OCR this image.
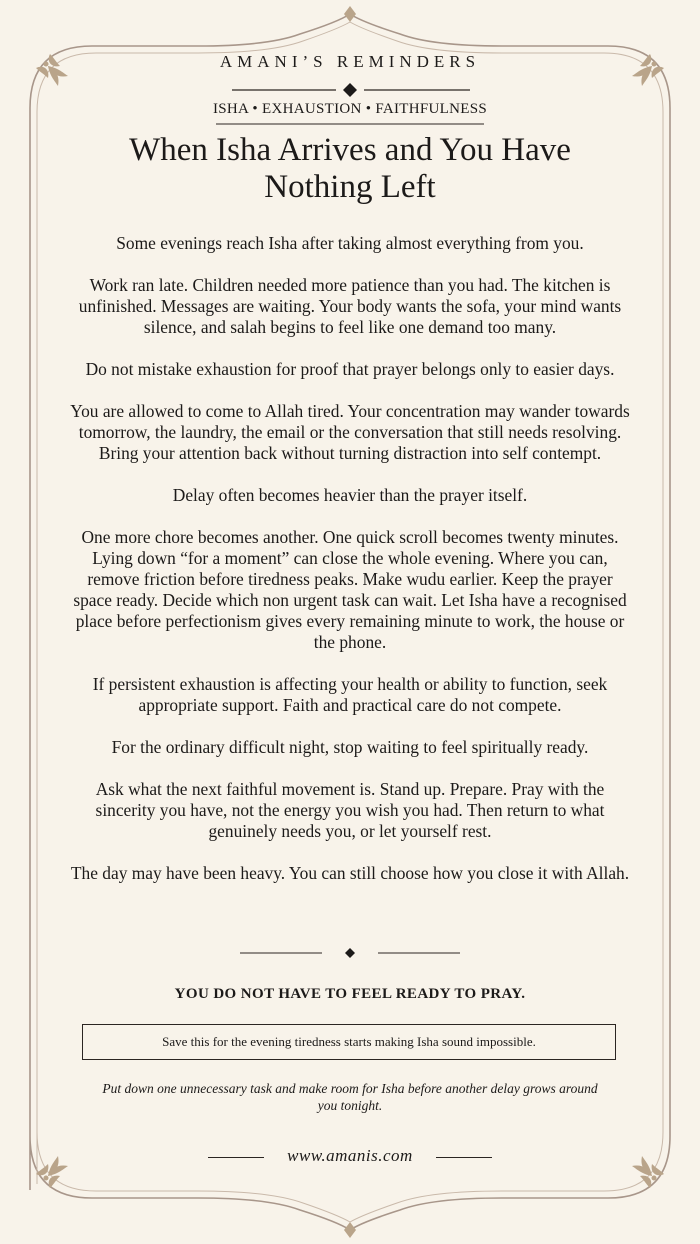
AMANI’S REMINDERS
ISHA • EXHAUSTION • FAITHFULNESS
When Isha Arrives and You Have Nothing Left

Some evenings reach Isha after taking almost everything from you.

Work ran late. Children needed more patience than you had. The kitchen is unfinished. Messages are waiting. Your body wants the sofa, your mind wants silence, and salah begins to feel like one demand too many.

Do not mistake exhaustion for proof that prayer belongs only to easier days.

You are allowed to come to Allah tired. Your concentration may wander towards tomorrow, the laundry, the email or the conversation that still needs resolving. Bring your attention back without turning distraction into self contempt.

Delay often becomes heavier than the prayer itself.

One more chore becomes another. One quick scroll becomes twenty minutes. Lying down “for a moment” can close the whole evening. Where you can, remove friction before tiredness peaks. Make wudu earlier. Keep the prayer space ready. Decide which non urgent task can wait. Let Isha have a recognised place before perfectionism gives every remaining minute to work, the house or the phone.

If persistent exhaustion is affecting your health or ability to function, seek appropriate support. Faith and practical care do not compete.

For the ordinary difficult night, stop waiting to feel spiritually ready.

Ask what the next faithful movement is. Stand up. Prepare. Pray with the sincerity you have, not the energy you wish you had. Then return to what genuinely needs you, or let yourself rest.

The day may have been heavy. You can still choose how you close it with Allah.

YOU DO NOT HAVE TO FEEL READY TO PRAY.
Save this for the evening tiredness starts making Isha sound impossible.
Put down one unnecessary task and make room for Isha before another delay grows around you tonight.
www.amanis.com
